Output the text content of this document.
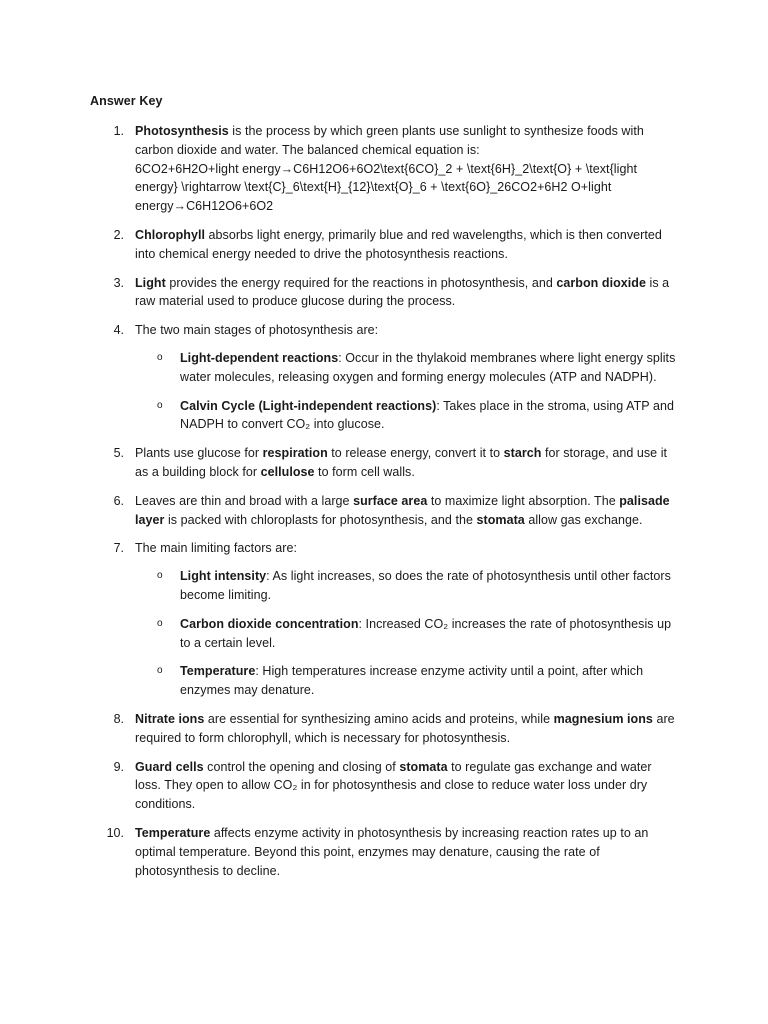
Answer Key
1. Photosynthesis is the process by which green plants use sunlight to synthesize foods with carbon dioxide and water. The balanced chemical equation is:

6CO2+6H2O+light energy→C6H12O6+6O2\text{6CO}_2 + \text{6H}_2\text{O} + \text{light energy} \rightarrow \text{C}_6\text{H}_{12}\text{O}_6 + \text{6O}_26CO2+6H2 O+light energy→C6H12O6+6O2

2. Chlorophyll absorbs light energy, primarily blue and red wavelengths, which is then converted into chemical energy needed to drive the photosynthesis reactions.

3. Light provides the energy required for the reactions in photosynthesis, and carbon dioxide is a raw material used to produce glucose during the process.

4. The two main stages of photosynthesis are:

o Light-dependent reactions: Occur in the thylakoid membranes where light energy splits water molecules, releasing oxygen and forming energy molecules (ATP and NADPH).
o Calvin Cycle (Light-independent reactions): Takes place in the stroma, using ATP and NADPH to convert CO₂ into glucose.
5. Plants use glucose for respiration to release energy, convert it to starch for storage, and use it as a building block for cellulose to form cell walls.

6. Leaves are thin and broad with a large surface area to maximize light absorption. The palisade layer is packed with chloroplasts for photosynthesis, and the stomata allow gas exchange.

7. The main limiting factors are:

o Light intensity: As light increases, so does the rate of photosynthesis until other factors become limiting.
o Carbon dioxide concentration: Increased CO₂ increases the rate of photosynthesis up to a certain level.
o Temperature: High temperatures increase enzyme activity until a point, after which enzymes may denature.
8. Nitrate ions are essential for synthesizing amino acids and proteins, while magnesium ions are required to form chlorophyll, which is necessary for photosynthesis.

9. Guard cells control the opening and closing of stomata to regulate gas exchange and water loss. They open to allow CO₂ in for photosynthesis and close to reduce water loss under dry conditions.

10. Temperature affects enzyme activity in photosynthesis by increasing reaction rates up to an optimal temperature. Beyond this point, enzymes may denature, causing the rate of photosynthesis to decline.
